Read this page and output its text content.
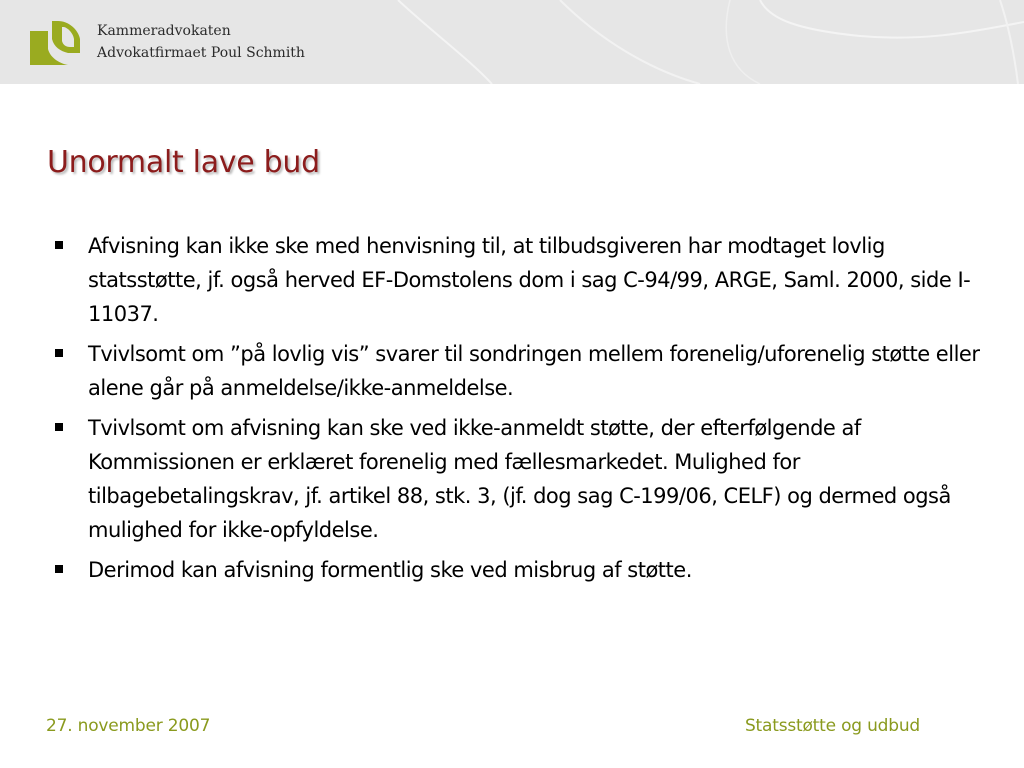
Kammeradvokaten
Advokatfirmaet Poul Schmith
Unormalt lave bud
Afvisning kan ikke ske med henvisning til, at tilbudsgiveren har modtaget lovlig statsstøtte, jf. også herved EF-Domstolens dom i sag C-94/99, ARGE, Saml. 2000, side I-11037.
Tvivlsomt om ”på lovlig vis” svarer til sondringen mellem forenelig/uforenelig støtte eller alene går på anmeldelse/ikke-anmeldelse.
Tvivlsomt om afvisning kan ske ved ikke-anmeldt støtte, der efterfølgende af Kommissionen er erklæret forenelig med fællesmarkedet. Mulighed for tilbagebetalingskrav, jf. artikel 88, stk. 3, (jf. dog sag C-199/06, CELF) og dermed også mulighed for ikke-opfyldelse.
Derimod kan afvisning formentlig ske ved misbrug af støtte.
27. november 2007	Statsstøtte og udbud
